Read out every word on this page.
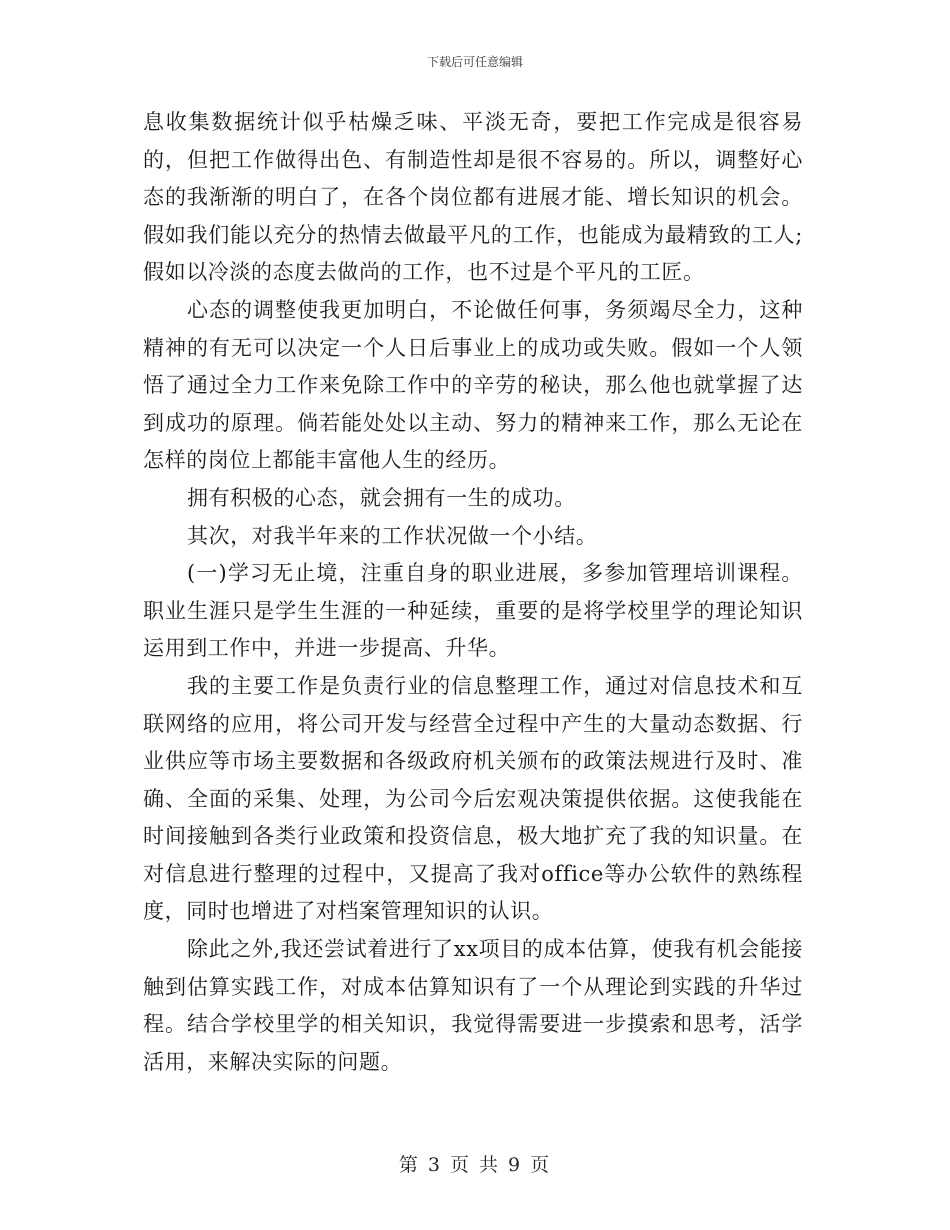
下载后可任意编辑

息收集数据统计似乎枯燥乏味、平淡无奇，要把工作完成是很容易的，但把工作做得出色、有制造性却是很不容易的。所以，调整好心态的我渐渐的明白了，在各个岗位都有进展才能、增长知识的机会。假如我们能以充分的热情去做最平凡的工作，也能成为最精致的工人;假如以冷淡的态度去做尚的工作，也不过是个平凡的工匠。

心态的调整使我更加明白，不论做任何事，务须竭尽全力，这种精神的有无可以决定一个人日后事业上的成功或失败。假如一个人领悟了通过全力工作来免除工作中的辛劳的秘诀，那么他也就掌握了达到成功的原理。倘若能处处以主动、努力的精神来工作，那么无论在怎样的岗位上都能丰富他人生的经历。

拥有积极的心态，就会拥有一生的成功。

其次，对我半年来的工作状况做一个小结。

(一)学习无止境，注重自身的职业进展，多参加管理培训课程。职业生涯只是学生生涯的一种延续，重要的是将学校里学的理论知识运用到工作中，并进一步提高、升华。

我的主要工作是负责行业的信息整理工作，通过对信息技术和互联网络的应用，将公司开发与经营全过程中产生的大量动态数据、行业供应等市场主要数据和各级政府机关颁布的政策法规进行及时、准确、全面的采集、处理，为公司今后宏观决策提供依据。这使我能在时间接触到各类行业政策和投资信息，极大地扩充了我的知识量。在对信息进行整理的过程中，又提高了我对office等办公软件的熟练程度，同时也增进了对档案管理知识的认识。

除此之外,我还尝试着进行了xx项目的成本估算，使我有机会能接触到估算实践工作，对成本估算知识有了一个从理论到实践的升华过程。结合学校里学的相关知识，我觉得需要进一步摸索和思考，活学活用，来解决实际的问题。

第 3 页 共 9 页
